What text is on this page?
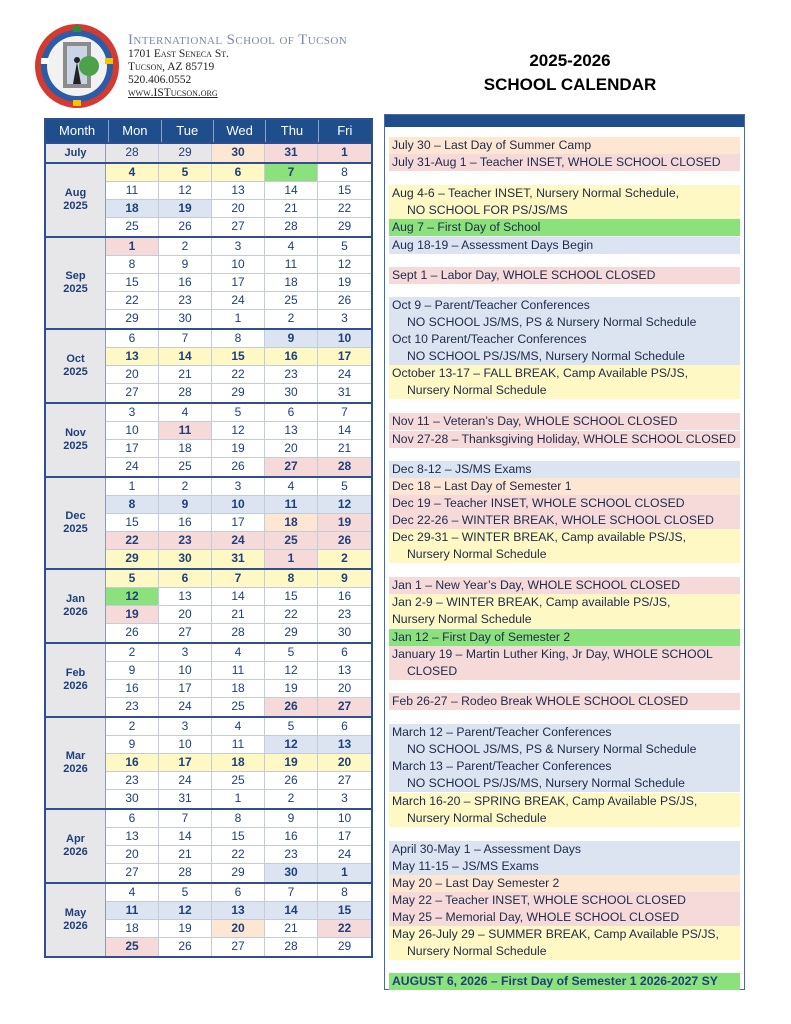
International School of Tucson
1701 East Seneca St.
Tucson, AZ 85719
520.406.0552
www.ISTucson.org
2025-2026
SCHOOL CALENDAR
Month	Mon	Tue	Wed	Thu	Fri
July	28	29	30	31	1
Aug
2025
4	5	6	7	8
11	12	13	14	15
18	19	20	21	22
25	26	27	28	29
Sep
2025
1	2	3	4	5
8	9	10	11	12
15	16	17	18	19
22	23	24	25	26
29	30	1	2	3
Oct
2025
6	7	8	9	10
13	14	15	16	17
20	21	22	23	24
27	28	29	30	31
Nov
2025
3	4	5	6	7
10	11	12	13	14
17	18	19	20	21
24	25	26	27	28
Dec
2025
1	2	3	4	5
8	9	10	11	12
15	16	17	18	19
22	23	24	25	26
29	30	31	1	2
Jan
2026
5	6	7	8	9
12	13	14	15	16
19	20	21	22	23
26	27	28	29	30
Feb
2026
2	3	4	5	6
9	10	11	12	13
16	17	18	19	20
23	24	25	26	27
Mar
2026
2	3	4	5	6
9	10	11	12	13
16	17	18	19	20
23	24	25	26	27
30	31	1	2	3
Apr
2026
6	7	8	9	10
13	14	15	16	17
20	21	22	23	24
27	28	29	30	1
May
2026
4	5	6	7	8
11	12	13	14	15
18	19	20	21	22
25	26	27	28	29
July 30 – Last Day of Summer Camp
July 31-Aug 1 – Teacher INSET, WHOLE SCHOOL CLOSED
Aug 4-6 – Teacher INSET, Nursery Normal Schedule,
NO SCHOOL FOR PS/JS/MS
Aug 7 – First Day of School
Aug 18-19 – Assessment Days Begin
Sept 1 – Labor Day, WHOLE SCHOOL CLOSED
Oct 9 – Parent/Teacher Conferences
NO SCHOOL JS/MS, PS & Nursery Normal Schedule
Oct 10 Parent/Teacher Conferences
NO SCHOOL PS/JS/MS, Nursery Normal Schedule
October 13-17 – FALL BREAK, Camp Available PS/JS,
Nursery Normal Schedule
Nov 11 – Veteran’s Day, WHOLE SCHOOL CLOSED
Nov 27-28 – Thanksgiving Holiday, WHOLE SCHOOL CLOSED
Dec 8-12 – JS/MS Exams
Dec 18 – Last Day of Semester 1
Dec 19 – Teacher INSET, WHOLE SCHOOL CLOSED
Dec 22-26 – WINTER BREAK, WHOLE SCHOOL CLOSED
Dec 29-31 – WINTER BREAK, Camp available PS/JS,
Nursery Normal Schedule
Jan 1 – New Year’s Day, WHOLE SCHOOL CLOSED
Jan 2-9 – WINTER BREAK, Camp available PS/JS,
Nursery Normal Schedule
Jan 12 – First Day of Semester 2
January 19 – Martin Luther King, Jr Day, WHOLE SCHOOL
CLOSED
Feb 26-27 – Rodeo Break WHOLE SCHOOL CLOSED
March 12 – Parent/Teacher Conferences
NO SCHOOL JS/MS, PS & Nursery Normal Schedule
March 13 – Parent/Teacher Conferences
NO SCHOOL PS/JS/MS, Nursery Normal Schedule
March 16-20 – SPRING BREAK, Camp Available PS/JS,
Nursery Normal Schedule
April 30-May 1 – Assessment Days
May 11-15 – JS/MS Exams
May 20 – Last Day Semester 2
May 22 – Teacher INSET, WHOLE SCHOOL CLOSED
May 25 – Memorial Day, WHOLE SCHOOL CLOSED
May 26-July 29 – SUMMER BREAK, Camp Available PS/JS,
Nursery Normal Schedule
AUGUST 6, 2026 – First Day of Semester 1 2026-2027 SY
